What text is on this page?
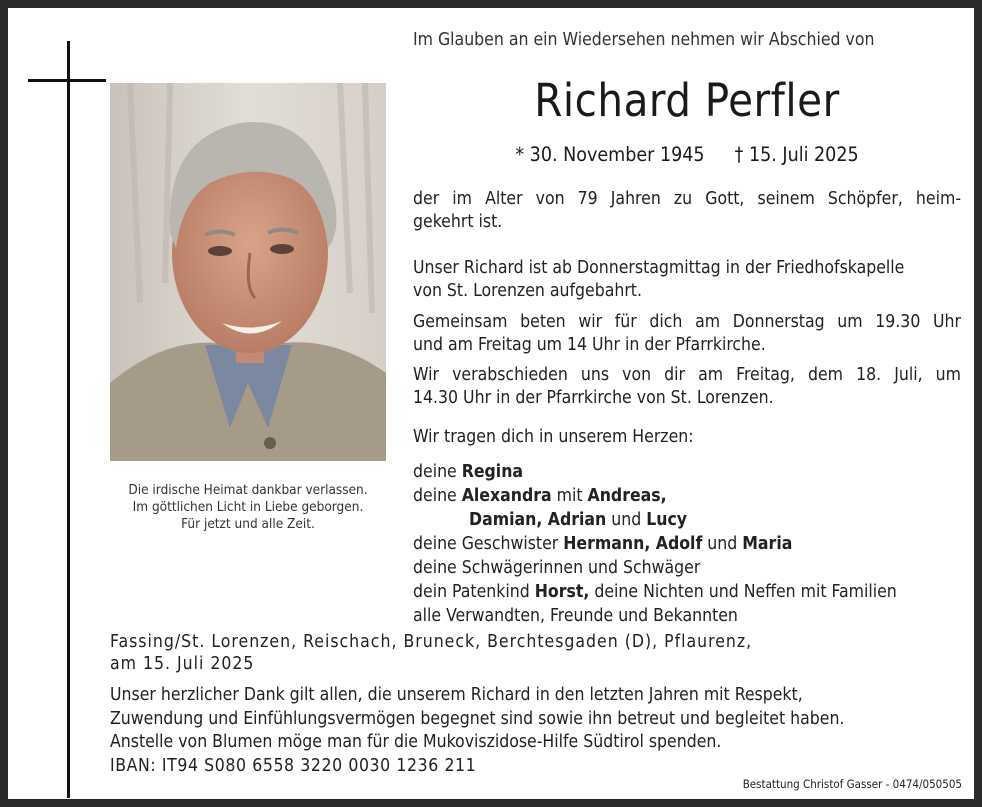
Die irdische Heimat dankbar verlassen.
Im göttlichen Licht in Liebe geborgen.
Für jetzt und alle Zeit.
Im Glauben an ein Wiedersehen nehmen wir Abschied von
Richard Perfler
* 30. November 1945 † 15. Juli 2025
der im Alter von 79 Jahren zu Gott, seinem Schöpfer, heim-
gekehrt ist.
Unser Richard ist ab Donnerstagmittag in der Friedhofskapelle
von St. Lorenzen aufgebahrt.
Gemeinsam beten wir für dich am Donnerstag um 19.30 Uhr
und am Freitag um 14 Uhr in der Pfarrkirche.
Wir verabschieden uns von dir am Freitag, dem 18. Juli, um
14.30 Uhr in der Pfarrkirche von St. Lorenzen.
Wir tragen dich in unserem Herzen:
deine Regina
deine Alexandra mit Andreas,
Damian, Adrian und Lucy
deine Geschwister Hermann, Adolf und Maria
deine Schwägerinnen und Schwäger
dein Patenkind Horst, deine Nichten und Neffen mit Familien
alle Verwandten, Freunde und Bekannten
Fassing/St. Lorenzen, Reischach, Bruneck, Berchtesgaden (D), Pflaurenz,
am 15. Juli 2025
Unser herzlicher Dank gilt allen, die unserem Richard in den letzten Jahren mit Respekt,
Zuwendung und Einfühlungsvermögen begegnet sind sowie ihn betreut und begleitet haben.
Anstelle von Blumen möge man für die Mukoviszidose-Hilfe Südtirol spenden.
IBAN: IT94 S080 6558 3220 0030 1236 211
Bestattung Christof Gasser - 0474/050505
